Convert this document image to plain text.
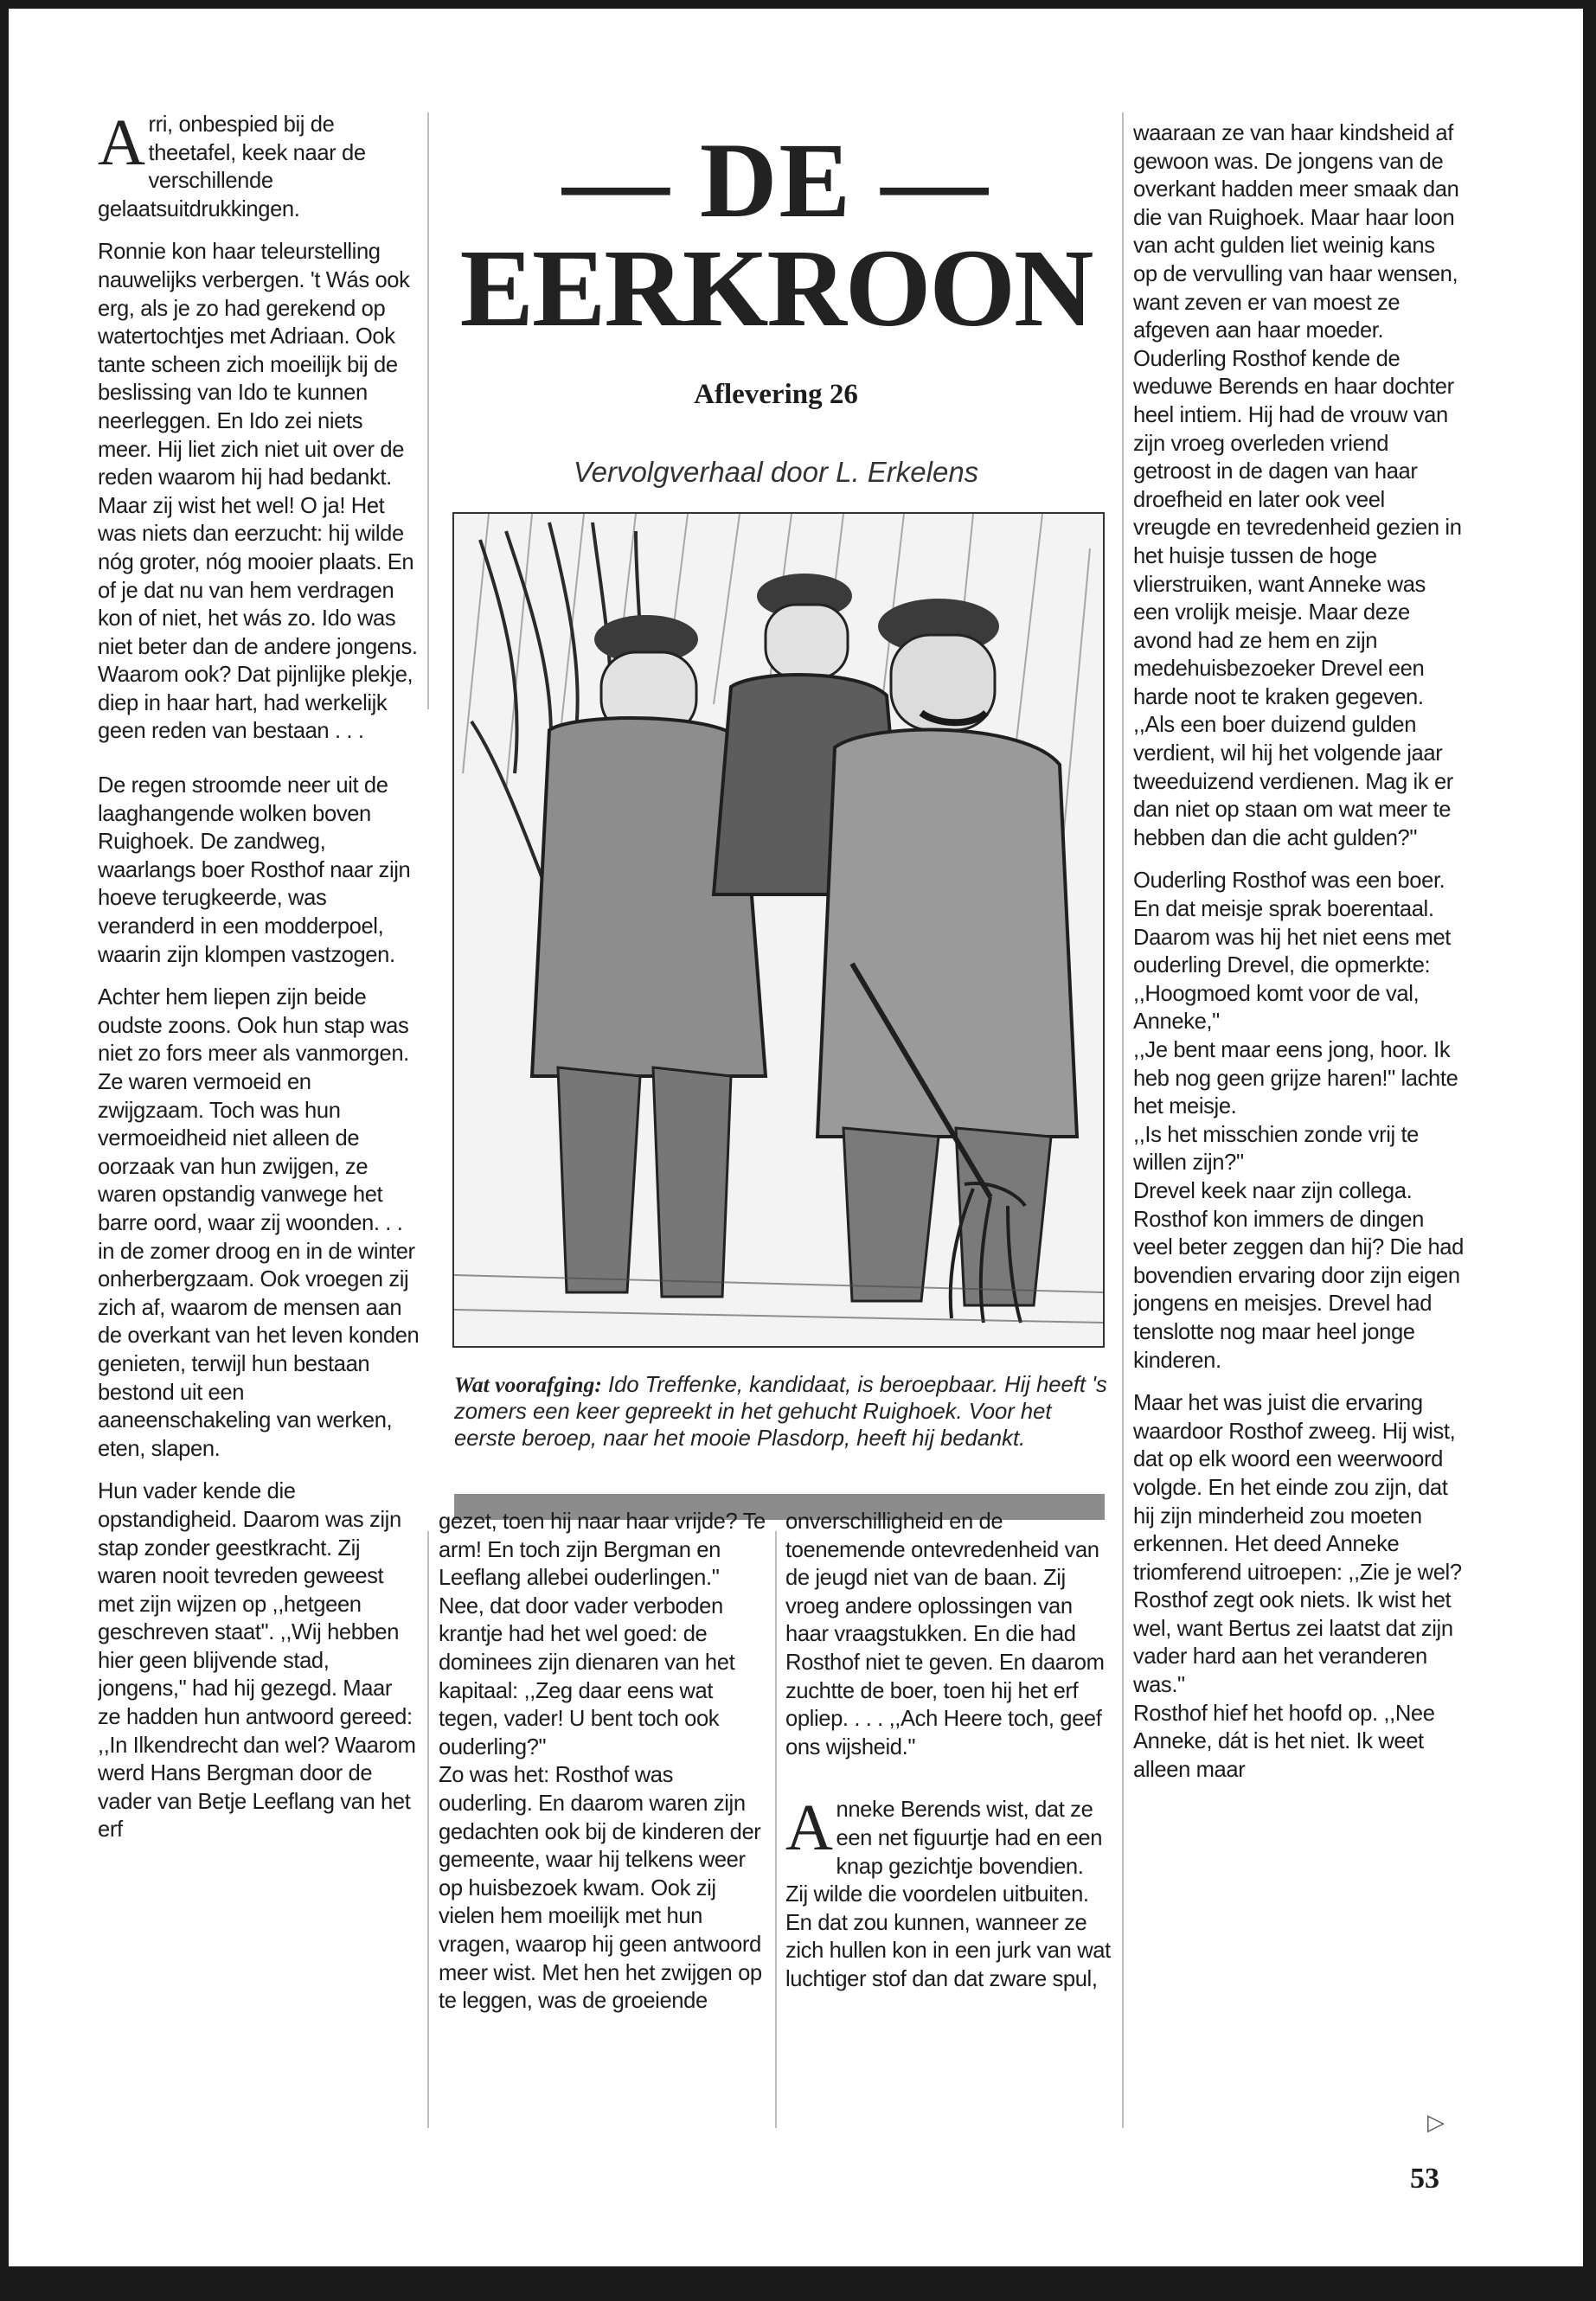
Arri, onbespied bij de theetafel, keek naar de verschillende gelaatsuitdrukkingen.

Ronnie kon haar teleurstelling nauwelijks verbergen. 't Wás ook erg, als je zo had gerekend op watertochtjes met Adriaan. Ook tante scheen zich moeilijk bij de beslissing van Ido te kunnen neerleggen. En Ido zei niets meer. Hij liet zich niet uit over de reden waarom hij had bedankt. Maar zij wist het wel! O ja! Het was niets dan eerzucht: hij wilde nóg groter, nóg mooier plaats. En of je dat nu van hem verdragen kon of niet, het wás zo. Ido was niet beter dan de andere jongens. Waarom ook? Dat pijnlijke plekje, diep in haar hart, had werkelijk geen reden van bestaan . . .

De regen stroomde neer uit de laaghangende wolken boven Ruighoek. De zandweg, waarlangs boer Rosthof naar zijn hoeve terugkeerde, was veranderd in een modderpoel, waarin zijn klompen vastzogen.

Achter hem liepen zijn beide oudste zoons. Ook hun stap was niet zo fors meer als vanmorgen. Ze waren vermoeid en zwijgzaam. Toch was hun vermoeidheid niet alleen de oorzaak van hun zwijgen, ze waren opstandig vanwege het barre oord, waar zij woonden. . . in de zomer droog en in de winter onherbergzaam. Ook vroegen zij zich af, waarom de mensen aan de overkant van het leven konden genieten, terwijl hun bestaan bestond uit een aaneenschakeling van werken, eten, slapen.

Hun vader kende die opstandigheid. Daarom was zijn stap zonder geestkracht. Zij waren nooit tevreden geweest met zijn wijzen op ,,hetgeen geschreven staat". ,,Wij hebben hier geen blijvende stad, jongens," had hij gezegd. Maar ze hadden hun antwoord gereed: ,,In Ilkendrecht dan wel? Waarom werd Hans Bergman door de vader van Betje Leeflang van het erf

— DE —
EERKROON
Aflevering 26
Vervolgverhaal door L. Erkelens
Wat voorafging: Ido Treffenke, kandidaat, is beroepbaar. Hij heeft 's zomers een keer gepreekt in het gehucht Ruighoek. Voor het eerste beroep, naar het mooie Plasdorp, heeft hij bedankt.

gezet, toen hij naar haar vrijde? Te arm! En toch zijn Bergman en Leeflang allebei ouderlingen." Nee, dat door vader verboden krantje had het wel goed: de dominees zijn dienaren van het kapitaal: ,,Zeg daar eens wat tegen, vader! U bent toch ook ouderling?"

Zo was het: Rosthof was ouderling. En daarom waren zijn gedachten ook bij de kinderen der gemeente, waar hij telkens weer op huisbezoek kwam. Ook zij vielen hem moeilijk met hun vragen, waarop hij geen antwoord meer wist. Met hen het zwijgen op te leggen, was de groeiende

onverschilligheid en de toenemende ontevredenheid van de jeugd niet van de baan. Zij vroeg andere oplossingen van haar vraagstukken. En die had Rosthof niet te geven. En daarom zuchtte de boer, toen hij het erf opliep. . . . ,,Ach Heere toch, geef ons wijsheid."

Anneke Berends wist, dat ze een net figuurtje had en een knap gezichtje bovendien.

Zij wilde die voordelen uitbuiten. En dat zou kunnen, wanneer ze zich hullen kon in een jurk van wat luchtiger stof dan dat zware spul,

waaraan ze van haar kindsheid af gewoon was. De jongens van de overkant hadden meer smaak dan die van Ruighoek. Maar haar loon van acht gulden liet weinig kans op de vervulling van haar wensen, want zeven er van moest ze afgeven aan haar moeder.

Ouderling Rosthof kende de weduwe Berends en haar dochter heel intiem. Hij had de vrouw van zijn vroeg overleden vriend getroost in de dagen van haar droefheid en later ook veel vreugde en tevredenheid gezien in het huisje tussen de hoge vlierstruiken, want Anneke was een vrolijk meisje. Maar deze avond had ze hem en zijn medehuisbezoeker Drevel een harde noot te kraken gegeven.

,,Als een boer duizend gulden verdient, wil hij het volgende jaar tweeduizend verdienen. Mag ik er dan niet op staan om wat meer te hebben dan die acht gulden?"

Ouderling Rosthof was een boer. En dat meisje sprak boerentaal. Daarom was hij het niet eens met ouderling Drevel, die opmerkte: ,,Hoogmoed komt voor de val, Anneke,"

,,Je bent maar eens jong, hoor. Ik heb nog geen grijze haren!" lachte het meisje.

,,Is het misschien zonde vrij te willen zijn?"

Drevel keek naar zijn collega. Rosthof kon immers de dingen veel beter zeggen dan hij? Die had bovendien ervaring door zijn eigen jongens en meisjes. Drevel had tenslotte nog maar heel jonge kinderen.

Maar het was juist die ervaring waardoor Rosthof zweeg. Hij wist, dat op elk woord een weerwoord volgde. En het einde zou zijn, dat hij zijn minderheid zou moeten erkennen. Het deed Anneke triomferend uitroepen: ,,Zie je wel? Rosthof zegt ook niets. Ik wist het wel, want Bertus zei laatst dat zijn vader hard aan het veranderen was."

Rosthof hief het hoofd op. ,,Nee Anneke, dát is het niet. Ik weet alleen maar

▷
53
